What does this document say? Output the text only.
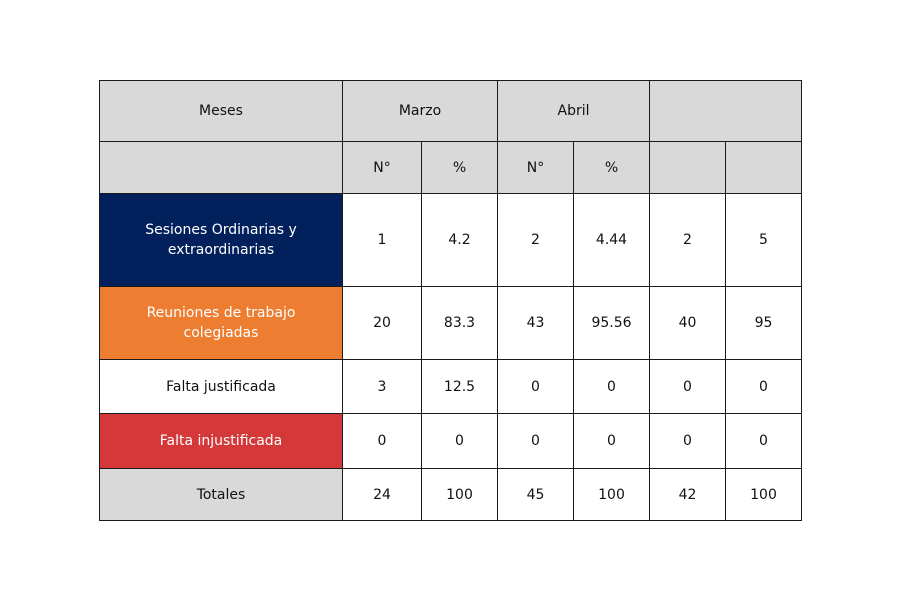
Meses	Marzo		Abril			
	N°	%	N°	%		
Sesiones Ordinarias y extraordinarias	1	4.2	2	4.44	2	5
Reuniones de trabajo colegiadas	20	83.3	43	95.56	40	95
Falta justificada	3	12.5	0	0	0	0
Falta injustificada	0	0	0	0	0	0
Totales	24	100	45	100	42	100
